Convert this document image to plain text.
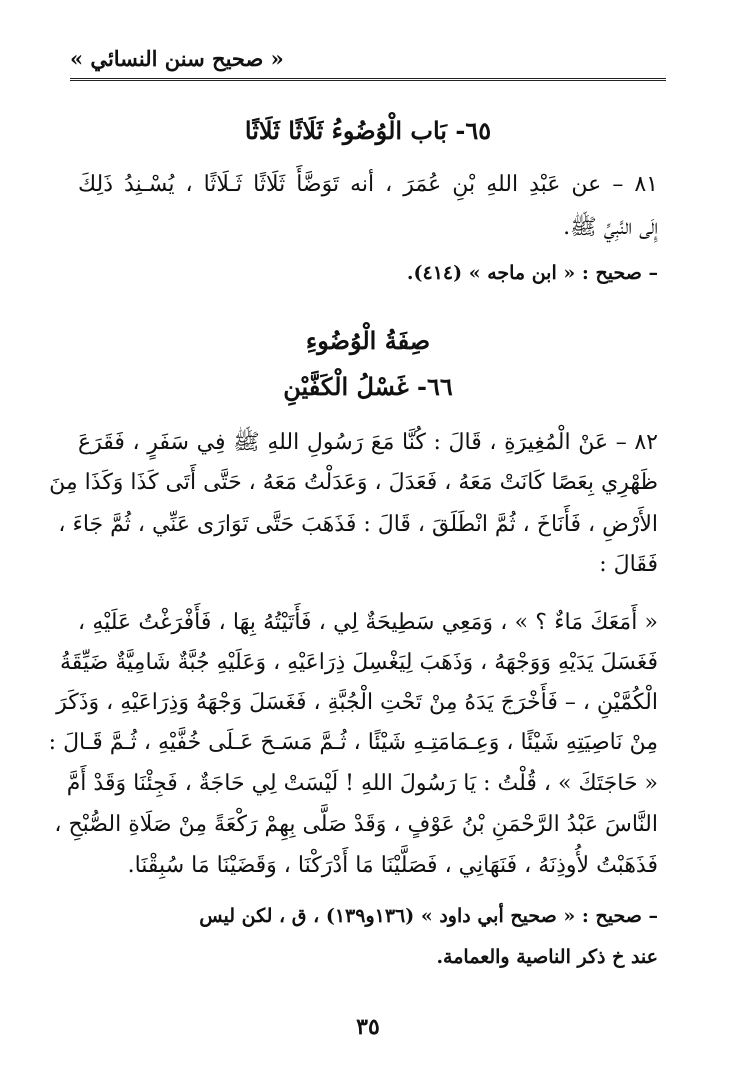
« صحيح سنن النسائي »
٦٥- بَاب الْوُضُوءُ ثَلَاثًا ثَلَاثًا
٨١ – عن عَبْدِ اللهِ بْنِ عُمَرَ ، أنه تَوَضَّأَ ثَلَاثًا ثَـلَاثًا ، يُسْـنِدُ ذَلِكَ
إِلَى النَّبِيِّ ﷺ.
– صحيح : « ابن ماجه » (٤١٤).
صِفَةُ الْوُضُوءِ
٦٦- غَسْلُ الْكَفَّيْنِ
٨٢ – عَنْ الْمُغِيرَةِ ، قَالَ : كُنَّا مَعَ رَسُولِ اللهِ ﷺ فِي سَفَرٍ ، فَقَرَعَ
ظَهْرِي بِعَصًا كَانَتْ مَعَهُ ، فَعَدَلَ ، وَعَدَلْتُ مَعَهُ ، حَتَّى أَتَى كَذَا وَكَذَا مِنَ
الأَرْضِ ، فَأَنَاخَ ، ثُمَّ انْطَلَقَ ، قَالَ : فَذَهَبَ حَتَّى تَوَارَى عَنِّي ، ثُمَّ جَاءَ ،
فَقَالَ :
« أَمَعَكَ مَاءٌ ؟ » ، وَمَعِي سَطِيحَةٌ لِي ، فَأَتَيْتُهُ بِهَا ، فَأَفْرَغْتُ عَلَيْهِ ،
فَغَسَلَ يَدَيْهِ وَوَجْهَهُ ، وَذَهَبَ لِيَغْسِلَ ذِرَاعَيْهِ ، وَعَلَيْهِ جُبَّةٌ شَامِيَّةٌ ضَيِّقَةُ
الْكُمَّيْنِ ، – فَأَخْرَجَ يَدَهُ مِنْ تَحْتِ الْجُبَّةِ ، فَغَسَلَ وَجْهَهُ وَذِرَاعَيْهِ ، وَذَكَرَ
مِنْ نَاصِيَتِهِ شَيْئًا ، وَعِـمَامَتِـهِ شَيْئًا ، ثُـمَّ مَسَـحَ عَـلَى خُفَّيْهِ ، ثُـمَّ قَـالَ :
« حَاجَتَكَ » ، قُلْتُ : يَا رَسُولَ اللهِ ! لَيْسَتْ لِي حَاجَةٌ ، فَجِئْنَا وَقَدْ أَمَّ
النَّاسَ عَبْدُ الرَّحْمَنِ بْنُ عَوْفٍ ، وَقَدْ صَلَّى بِهِمْ رَكْعَةً مِنْ صَلَاةِ الصُّبْحِ ،
فَذَهَبْتُ لأُوذِنَهُ ، فَنَهَانِي ، فَصَلَّيْنَا مَا أَدْرَكْنَا ، وَقَضَيْنَا مَا سُبِقْنَا.
– صحيح : « صحيح أبي داود » (١٣٦و١٣٩) ، ق ، لكن ليس
عند خ ذكر الناصية والعمامة.
٣٥
